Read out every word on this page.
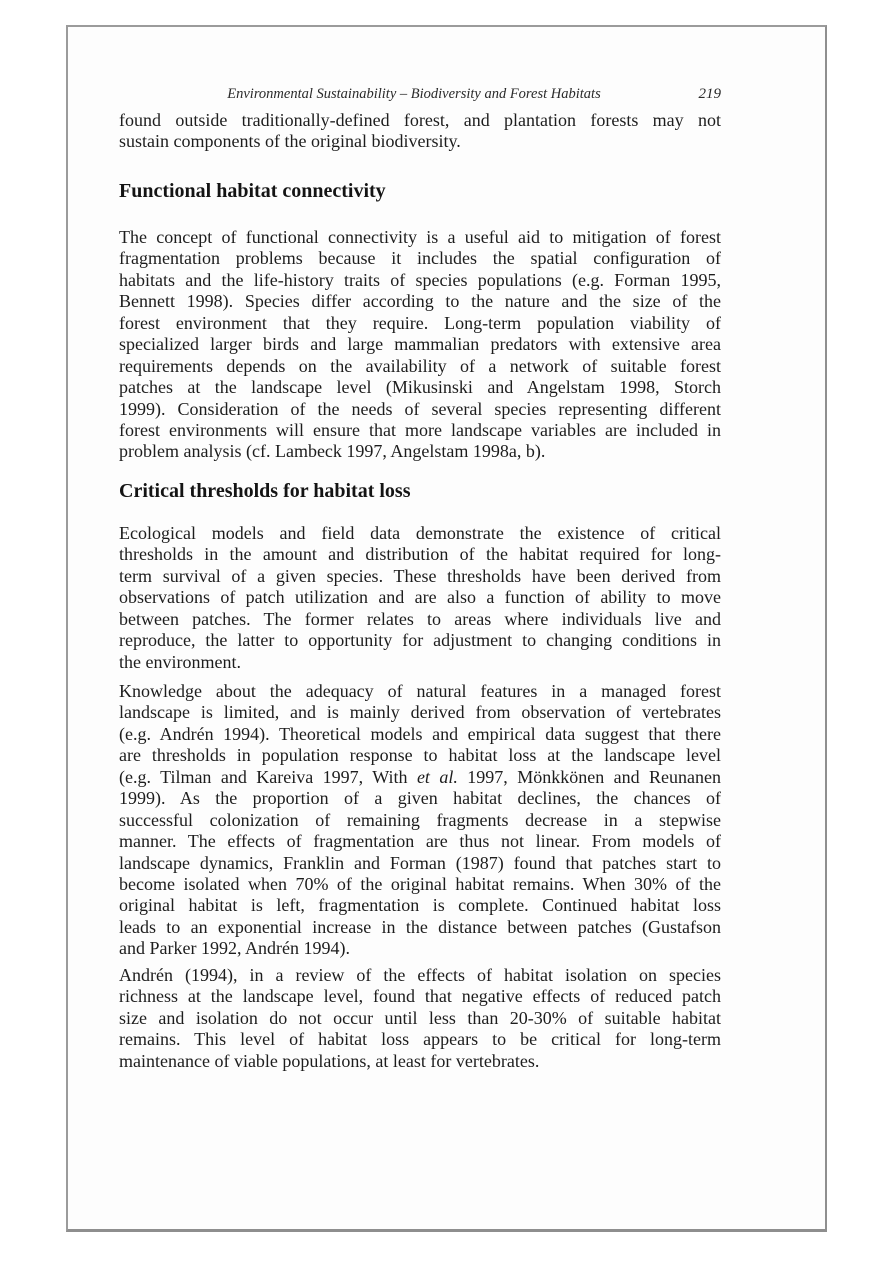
Environmental Sustainability – Biodiversity and Forest Habitats	219
found outside traditionally-defined forest, and plantation forests may not
sustain components of the original biodiversity.
Functional habitat connectivity
The concept of functional connectivity is a useful aid to mitigation of forest
fragmentation problems because it includes the spatial configuration of
habitats and the life-history traits of species populations (e.g. Forman 1995,
Bennett 1998). Species differ according to the nature and the size of the
forest environment that they require. Long-term population viability of
specialized larger birds and large mammalian predators with extensive area
requirements depends on the availability of a network of suitable forest
patches at the landscape level (Mikusinski and Angelstam 1998, Storch
1999). Consideration of the needs of several species representing different
forest environments will ensure that more landscape variables are included in
problem analysis (cf. Lambeck 1997, Angelstam 1998a, b).
Critical thresholds for habitat loss
Ecological models and field data demonstrate the existence of critical
thresholds in the amount and distribution of the habitat required for long-
term survival of a given species. These thresholds have been derived from
observations of patch utilization and are also a function of ability to move
between patches. The former relates to areas where individuals live and
reproduce, the latter to opportunity for adjustment to changing conditions in
the environment.
Knowledge about the adequacy of natural features in a managed forest
landscape is limited, and is mainly derived from observation of vertebrates
(e.g. Andrén 1994). Theoretical models and empirical data suggest that there
are thresholds in population response to habitat loss at the landscape level
(e.g. Tilman and Kareiva 1997, With et al. 1997, Mönkkönen and Reunanen
1999). As the proportion of a given habitat declines, the chances of
successful colonization of remaining fragments decrease in a stepwise
manner. The effects of fragmentation are thus not linear. From models of
landscape dynamics, Franklin and Forman (1987) found that patches start to
become isolated when 70% of the original habitat remains. When 30% of the
original habitat is left, fragmentation is complete. Continued habitat loss
leads to an exponential increase in the distance between patches (Gustafson
and Parker 1992, Andrén 1994).
Andrén (1994), in a review of the effects of habitat isolation on species
richness at the landscape level, found that negative effects of reduced patch
size and isolation do not occur until less than 20-30% of suitable habitat
remains. This level of habitat loss appears to be critical for long-term
maintenance of viable populations, at least for vertebrates.
